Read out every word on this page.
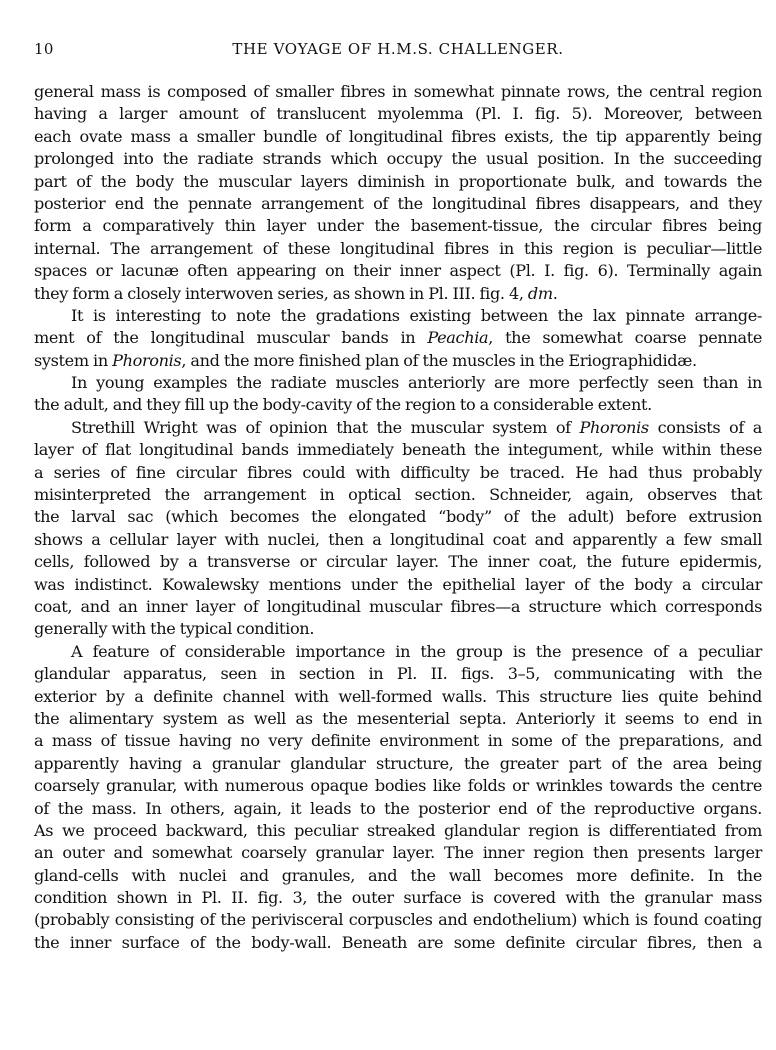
10	THE VOYAGE OF H.M.S. CHALLENGER.
general mass is composed of smaller fibres in somewhat pinnate rows, the central region
having a larger amount of translucent myolemma (Pl. I. fig. 5). Moreover, between
each ovate mass a smaller bundle of longitudinal fibres exists, the tip apparently being
prolonged into the radiate strands which occupy the usual position. In the succeeding
part of the body the muscular layers diminish in proportionate bulk, and towards the
posterior end the pennate arrangement of the longitudinal fibres disappears, and they
form a comparatively thin layer under the basement-tissue, the circular fibres being
internal. The arrangement of these longitudinal fibres in this region is peculiar—little
spaces or lacunæ often appearing on their inner aspect (Pl. I. fig. 6). Terminally again
they form a closely interwoven series, as shown in Pl. III. fig. 4, dm.
It is interesting to note the gradations existing between the lax pinnate arrange-
ment of the longitudinal muscular bands in Peachia, the somewhat coarse pennate
system in Phoronis, and the more finished plan of the muscles in the Eriographididæ.
In young examples the radiate muscles anteriorly are more perfectly seen than in
the adult, and they fill up the body-cavity of the region to a considerable extent.
Strethill Wright was of opinion that the muscular system of Phoronis consists of a
layer of flat longitudinal bands immediately beneath the integument, while within these
a series of fine circular fibres could with difficulty be traced. He had thus probably
misinterpreted the arrangement in optical section. Schneider, again, observes that
the larval sac (which becomes the elongated “body” of the adult) before extrusion
shows a cellular layer with nuclei, then a longitudinal coat and apparently a few small
cells, followed by a transverse or circular layer. The inner coat, the future epidermis,
was indistinct. Kowalewsky mentions under the epithelial layer of the body a circular
coat, and an inner layer of longitudinal muscular fibres—a structure which corresponds
generally with the typical condition.
A feature of considerable importance in the group is the presence of a peculiar
glandular apparatus, seen in section in Pl. II. figs. 3–5, communicating with the
exterior by a definite channel with well-formed walls. This structure lies quite behind
the alimentary system as well as the mesenterial septa. Anteriorly it seems to end in
a mass of tissue having no very definite environment in some of the preparations, and
apparently having a granular glandular structure, the greater part of the area being
coarsely granular, with numerous opaque bodies like folds or wrinkles towards the centre
of the mass. In others, again, it leads to the posterior end of the reproductive organs.
As we proceed backward, this peculiar streaked glandular region is differentiated from
an outer and somewhat coarsely granular layer. The inner region then presents larger
gland-cells with nuclei and granules, and the wall becomes more definite. In the
condition shown in Pl. II. fig. 3, the outer surface is covered with the granular mass
(probably consisting of the perivisceral corpuscles and endothelium) which is found coating
the inner surface of the body-wall. Beneath are some definite circular fibres, then a
